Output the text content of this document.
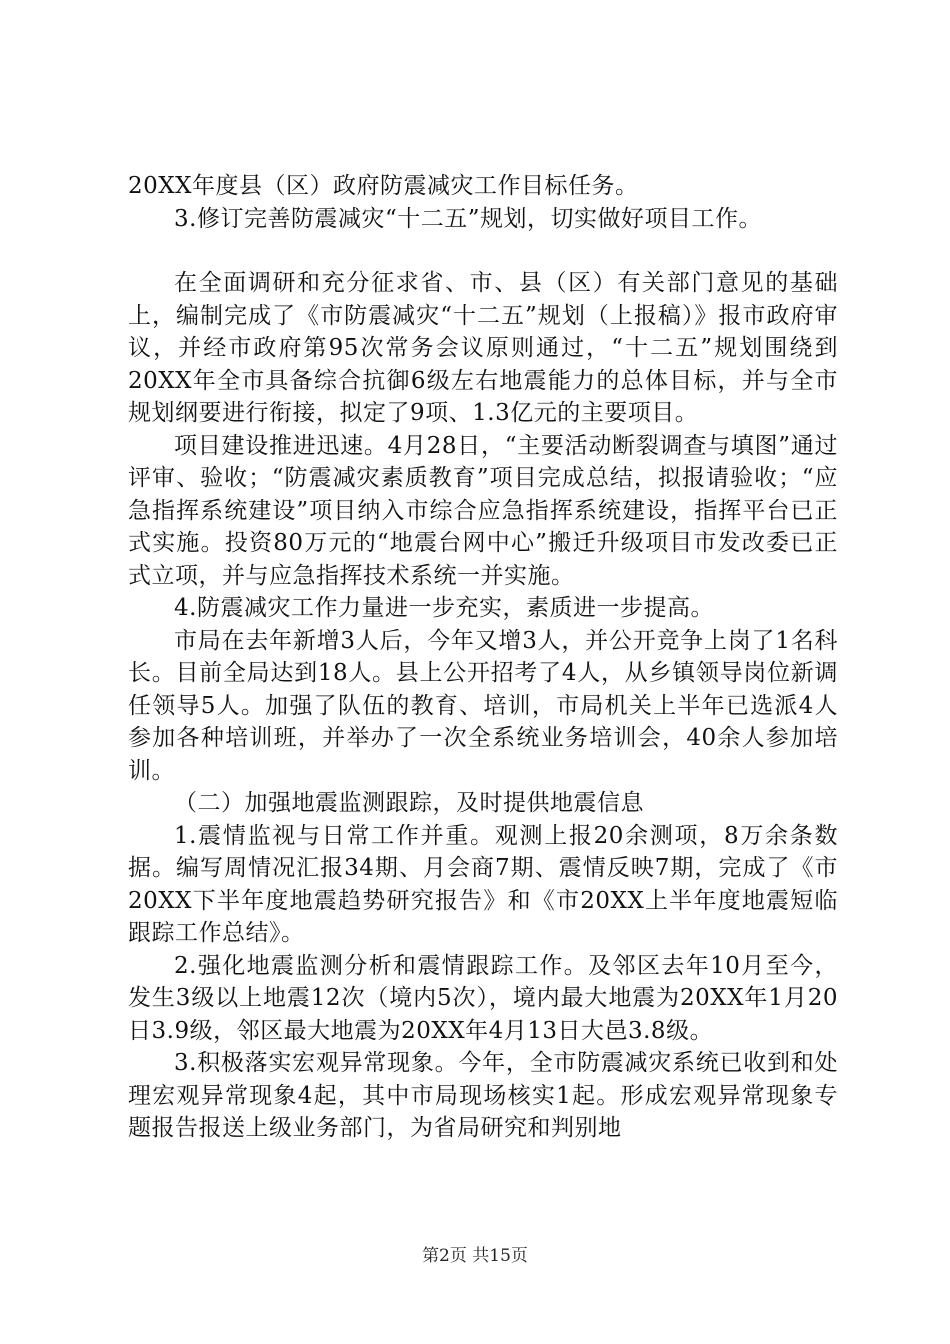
20XX年度县（区）政府防震减灾工作目标任务。

3.修订完善防震减灾“十二五”规划，切实做好项目工作。

在全面调研和充分征求省、市、县（区）有关部门意见的基础上，编制完成了《市防震减灾“十二五”规划（上报稿）》报市政府审议，并经市政府第95次常务会议原则通过，“十二五”规划围绕到20XX年全市具备综合抗御6级左右地震能力的总体目标，并与全市规划纲要进行衔接，拟定了9项、1.3亿元的主要项目。

项目建设推进迅速。4月28日，“主要活动断裂调查与填图”通过评审、验收；“防震减灾素质教育”项目完成总结，拟报请验收；“应急指挥系统建设”项目纳入市综合应急指挥系统建设，指挥平台已正式实施。投资80万元的“地震台网中心”搬迁升级项目市发改委已正式立项，并与应急指挥技术系统一并实施。

4.防震减灾工作力量进一步充实，素质进一步提高。

市局在去年新增3人后，今年又增3人，并公开竞争上岗了1名科长。目前全局达到18人。县上公开招考了4人，从乡镇领导岗位新调任领导5人。加强了队伍的教育、培训，市局机关上半年已选派4人参加各种培训班，并举办了一次全系统业务培训会，40余人参加培训。

（二）加强地震监测跟踪，及时提供地震信息

1.震情监视与日常工作并重。观测上报20余测项，8万余条数据。编写周情况汇报34期、月会商7期、震情反映7期，完成了《市20XX下半年度地震趋势研究报告》和《市20XX上半年度地震短临跟踪工作总结》。

2.强化地震监测分析和震情跟踪工作。及邻区去年10月至今，发生3级以上地震12次（境内5次），境内最大地震为20XX年1月20日3.9级，邻区最大地震为20XX年4月13日大邑3.8级。

3.积极落实宏观异常现象。今年，全市防震减灾系统已收到和处理宏观异常现象4起，其中市局现场核实1起。形成宏观异常现象专题报告报送上级业务部门，为省局研究和判别地

第2页 共15页
